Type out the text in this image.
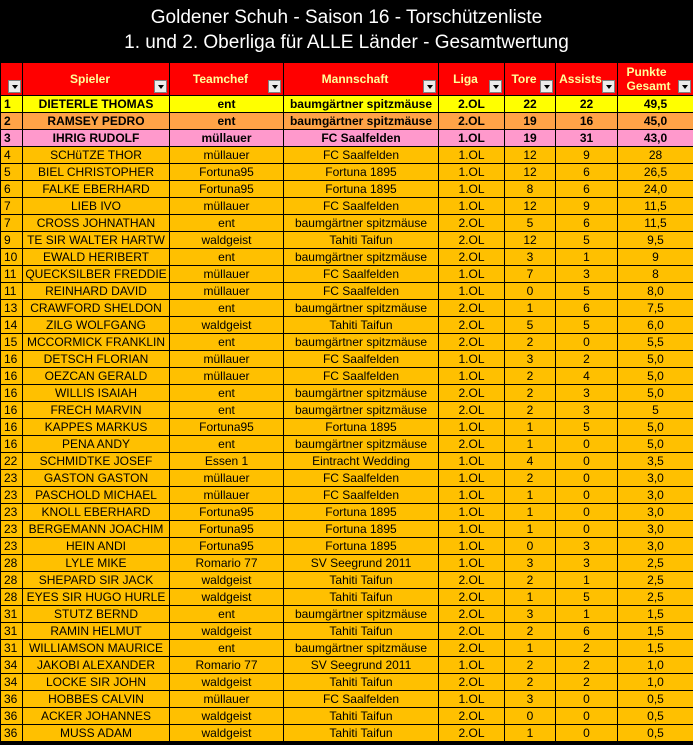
Goldener Schuh - Saison 16 - Torschützenliste
1. und 2. Oberliga für ALLE Länder - Gesamtwertung
	Spieler	Teamchef	Mannschaft	Liga	Tore	Assists	Punkte
Gesamt

1	DIETERLE THOMAS	ent	baumgärtner spitzmäuse	2.OL	22	22	49,5
2	RAMSEY PEDRO	ent	baumgärtner spitzmäuse	2.OL	19	16	45,0
3	IHRIG RUDOLF	müllauer	FC Saalfelden	1.OL	19	31	43,0
4	SCHüTZE THOR	müllauer	FC Saalfelden	1.OL	12	9	28
5	BIEL CHRISTOPHER	Fortuna95	Fortuna 1895	1.OL	12	6	26,5
6	FALKE EBERHARD	Fortuna95	Fortuna 1895	1.OL	8	6	24,0
7	LIEB IVO	müllauer	FC Saalfelden	1.OL	12	9	11,5
7	CROSS JOHNATHAN	ent	baumgärtner spitzmäuse	2.OL	5	6	11,5
9	TE SIR WALTER HARTW	waldgeist	Tahiti Taifun	2.OL	12	5	9,5
10	EWALD HERIBERT	ent	baumgärtner spitzmäuse	2.OL	3	1	9
11	QUECKSILBER FREDDIE	müllauer	FC Saalfelden	1.OL	7	3	8
11	REINHARD DAVID	müllauer	FC Saalfelden	1.OL	0	5	8,0
13	CRAWFORD SHELDON	ent	baumgärtner spitzmäuse	2.OL	1	6	7,5
14	ZILG WOLFGANG	waldgeist	Tahiti Taifun	2.OL	5	5	6,0
15	MCCORMICK FRANKLIN	ent	baumgärtner spitzmäuse	2.OL	2	0	5,5
16	DETSCH FLORIAN	müllauer	FC Saalfelden	1.OL	3	2	5,0
16	OEZCAN GERALD	müllauer	FC Saalfelden	1.OL	2	4	5,0
16	WILLIS ISAIAH	ent	baumgärtner spitzmäuse	2.OL	2	3	5,0
16	FRECH MARVIN	ent	baumgärtner spitzmäuse	2.OL	2	3	5
16	KAPPES MARKUS	Fortuna95	Fortuna 1895	1.OL	1	5	5,0
16	PENA ANDY	ent	baumgärtner spitzmäuse	2.OL	1	0	5,0
22	SCHMIDTKE JOSEF	Essen 1	Eintracht Wedding	1.OL	4	0	3,5
23	GASTON GASTON	müllauer	FC Saalfelden	1.OL	2	0	3,0
23	PASCHOLD MICHAEL	müllauer	FC Saalfelden	1.OL	1	0	3,0
23	KNOLL EBERHARD	Fortuna95	Fortuna 1895	1.OL	1	0	3,0
23	BERGEMANN JOACHIM	Fortuna95	Fortuna 1895	1.OL	1	0	3,0
23	HEIN ANDI	Fortuna95	Fortuna 1895	1.OL	0	3	3,0
28	LYLE MIKE	Romario 77	SV Seegrund 2011	1.OL	3	3	2,5
28	SHEPARD SIR JACK	waldgeist	Tahiti Taifun	2.OL	2	1	2,5
28	EYES SIR HUGO HURLE	waldgeist	Tahiti Taifun	2.OL	1	5	2,5
31	STUTZ BERND	ent	baumgärtner spitzmäuse	2.OL	3	1	1,5
31	RAMIN HELMUT	waldgeist	Tahiti Taifun	2.OL	2	6	1,5
31	WILLIAMSON MAURICE	ent	baumgärtner spitzmäuse	2.OL	1	2	1,5
34	JAKOBI ALEXANDER	Romario 77	SV Seegrund 2011	1.OL	2	2	1,0
34	LOCKE SIR JOHN	waldgeist	Tahiti Taifun	2.OL	2	2	1,0
36	HOBBES CALVIN	müllauer	FC Saalfelden	1.OL	3	0	0,5
36	ACKER JOHANNES	waldgeist	Tahiti Taifun	2.OL	0	0	0,5
36	MUSS ADAM	waldgeist	Tahiti Taifun	2.OL	1	0	0,5
